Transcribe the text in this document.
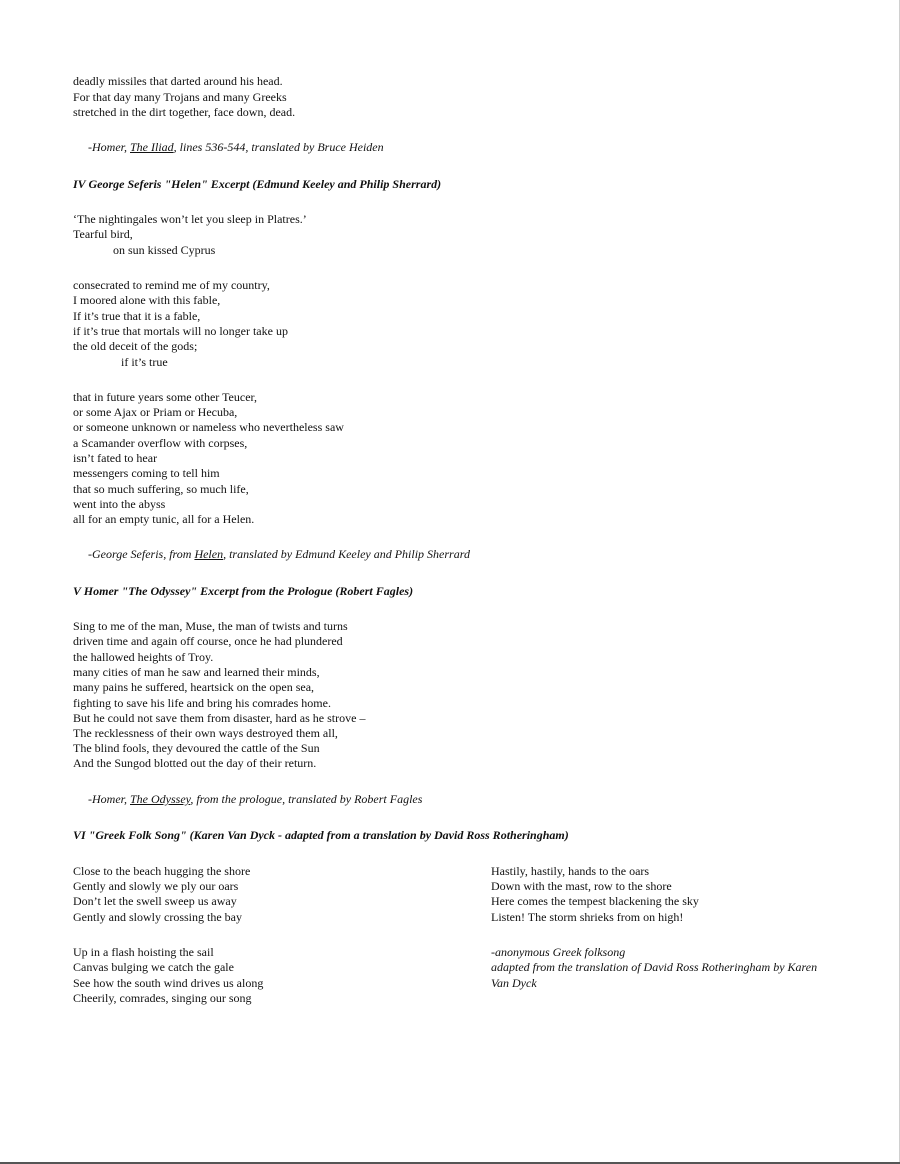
deadly missiles that darted around his head.
For that day many Trojans and many Greeks
stretched in the dirt together, face down, dead.
-Homer, The Iliad, lines 536-544, translated by Bruce Heiden
IV George Seferis "Helen" Excerpt (Edmund Keeley and Philip Sherrard)
‘The nightingales won’t let you sleep in Platres.’
Tearful bird,
on sun kissed Cyprus
consecrated to remind me of my country,
I moored alone with this fable,
If it’s true that it is a fable,
if it’s true that mortals will no longer take up
the old deceit of the gods;
if it’s true
that in future years some other Teucer,
or some Ajax or Priam or Hecuba,
or someone unknown or nameless who nevertheless saw
a Scamander overflow with corpses,
isn’t fated to hear
messengers coming to tell him
that so much suffering, so much life,
went into the abyss
all for an empty tunic, all for a Helen.
-George Seferis, from Helen, translated by Edmund Keeley and Philip Sherrard
V Homer "The Odyssey" Excerpt from the Prologue (Robert Fagles)
Sing to me of the man, Muse, the man of twists and turns
driven time and again off course, once he had plundered
the hallowed heights of Troy.
many cities of man he saw and learned their minds,
many pains he suffered, heartsick on the open sea,
fighting to save his life and bring his comrades home.
But he could not save them from disaster, hard as he strove –
The recklessness of their own ways destroyed them all,
The blind fools, they devoured the cattle of the Sun
And the Sungod blotted out the day of their return.
-Homer, The Odyssey, from the prologue, translated by Robert Fagles
VI "Greek Folk Song" (Karen Van Dyck - adapted from a translation by David Ross Rotheringham)
Close to the beach hugging the shore
Gently and slowly we ply our oars
Don’t let the swell sweep us away
Gently and slowly crossing the bay
Up in a flash hoisting the sail
Canvas bulging we catch the gale
See how the south wind drives us along
Cheerily, comrades, singing our song
Hastily, hastily, hands to the oars
Down with the mast, row to the shore
Here comes the tempest blackening the sky
Listen! The storm shrieks from on high!
-anonymous Greek folksong
adapted from the translation of David Ross Rotheringham by Karen
Van Dyck
